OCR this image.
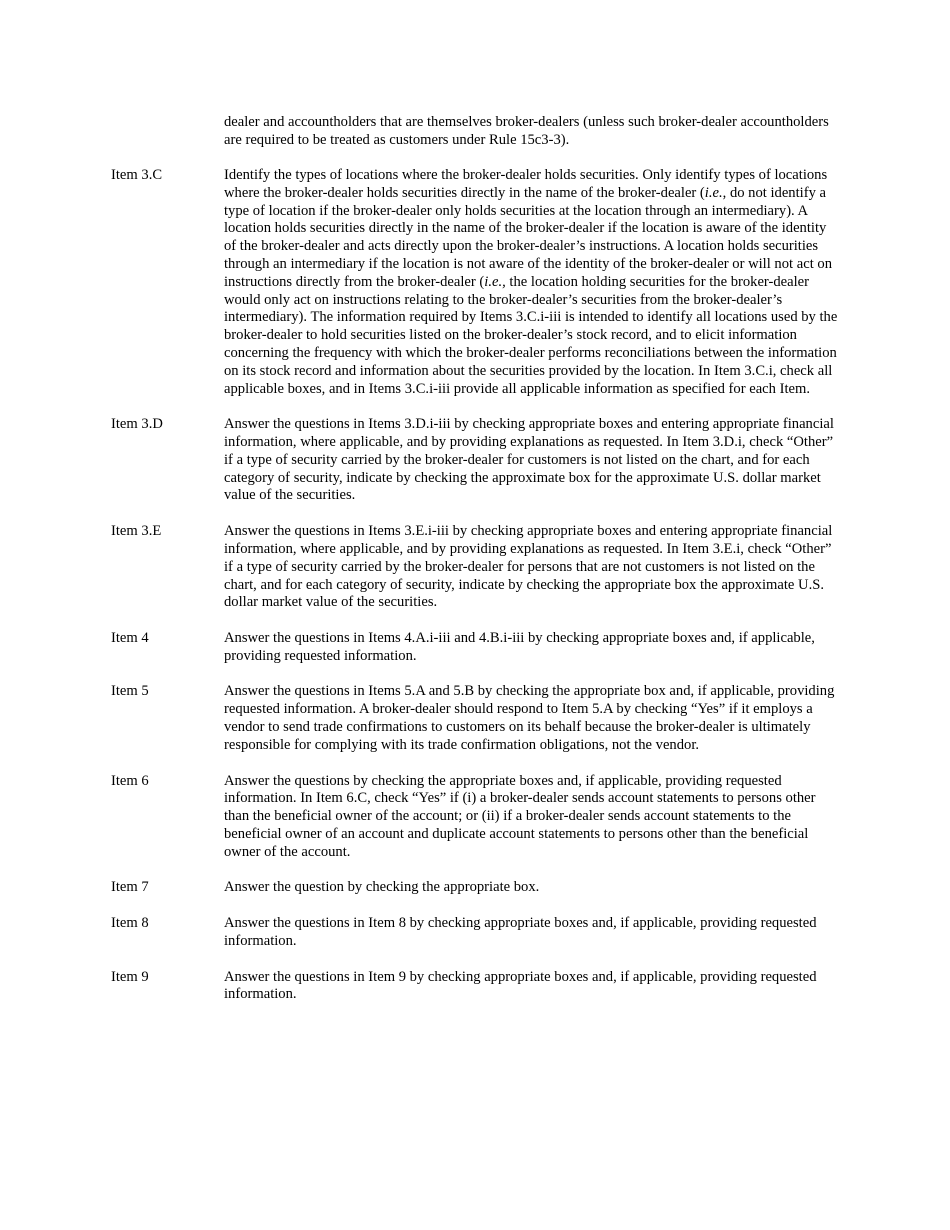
dealer and accountholders that are themselves broker-dealers (unless such broker-dealer accountholders are required to be treated as customers under Rule 15c3-3).

Item 3.C	Identify the types of locations where the broker-dealer holds securities. Only identify types of locations where the broker-dealer holds securities directly in the name of the broker-dealer (i.e., do not identify a type of location if the broker-dealer only holds securities at the location through an intermediary). A location holds securities directly in the name of the broker-dealer if the location is aware of the identity of the broker-dealer and acts directly upon the broker-dealer’s instructions. A location holds securities through an intermediary if the location is not aware of the identity of the broker-dealer or will not act on instructions directly from the broker-dealer (i.e., the location holding securities for the broker-dealer would only act on instructions relating to the broker-dealer’s securities from the broker-dealer’s intermediary). The information required by Items 3.C.i-iii is intended to identify all locations used by the broker-dealer to hold securities listed on the broker-dealer’s stock record, and to elicit information concerning the frequency with which the broker-dealer performs reconciliations between the information on its stock record and information about the securities provided by the location. In Item 3.C.i, check all applicable boxes, and in Items 3.C.i-iii provide all applicable information as specified for each Item.
Item 3.D	Answer the questions in Items 3.D.i-iii by checking appropriate boxes and entering appropriate financial information, where applicable, and by providing explanations as requested. In Item 3.D.i, check “Other” if a type of security carried by the broker-dealer for customers is not listed on the chart, and for each category of security, indicate by checking the approximate box for the approximate U.S. dollar market value of the securities.
Item 3.E	Answer the questions in Items 3.E.i-iii by checking appropriate boxes and entering appropriate financial information, where applicable, and by providing explanations as requested. In Item 3.E.i, check “Other” if a type of security carried by the broker-dealer for persons that are not customers is not listed on the chart, and for each category of security, indicate by checking the appropriate box the approximate U.S. dollar market value of the securities.
Item 4	Answer the questions in Items 4.A.i-iii and 4.B.i-iii by checking appropriate boxes and, if applicable, providing requested information.
Item 5	Answer the questions in Items 5.A and 5.B by checking the appropriate box and, if applicable, providing requested information. A broker-dealer should respond to Item 5.A by checking “Yes” if it employs a vendor to send trade confirmations to customers on its behalf because the broker-dealer is ultimately responsible for complying with its trade confirmation obligations, not the vendor.
Item 6	Answer the questions by checking the appropriate boxes and, if applicable, providing requested information. In Item 6.C, check “Yes” if (i) a broker-dealer sends account statements to persons other than the beneficial owner of the account; or (ii) if a broker-dealer sends account statements to the beneficial owner of an account and duplicate account statements to persons other than the beneficial owner of the account.
Item 7	Answer the question by checking the appropriate box.
Item 8	Answer the questions in Item 8 by checking appropriate boxes and, if applicable, providing requested information.
Item 9	Answer the questions in Item 9 by checking appropriate boxes and, if applicable, providing requested information.
